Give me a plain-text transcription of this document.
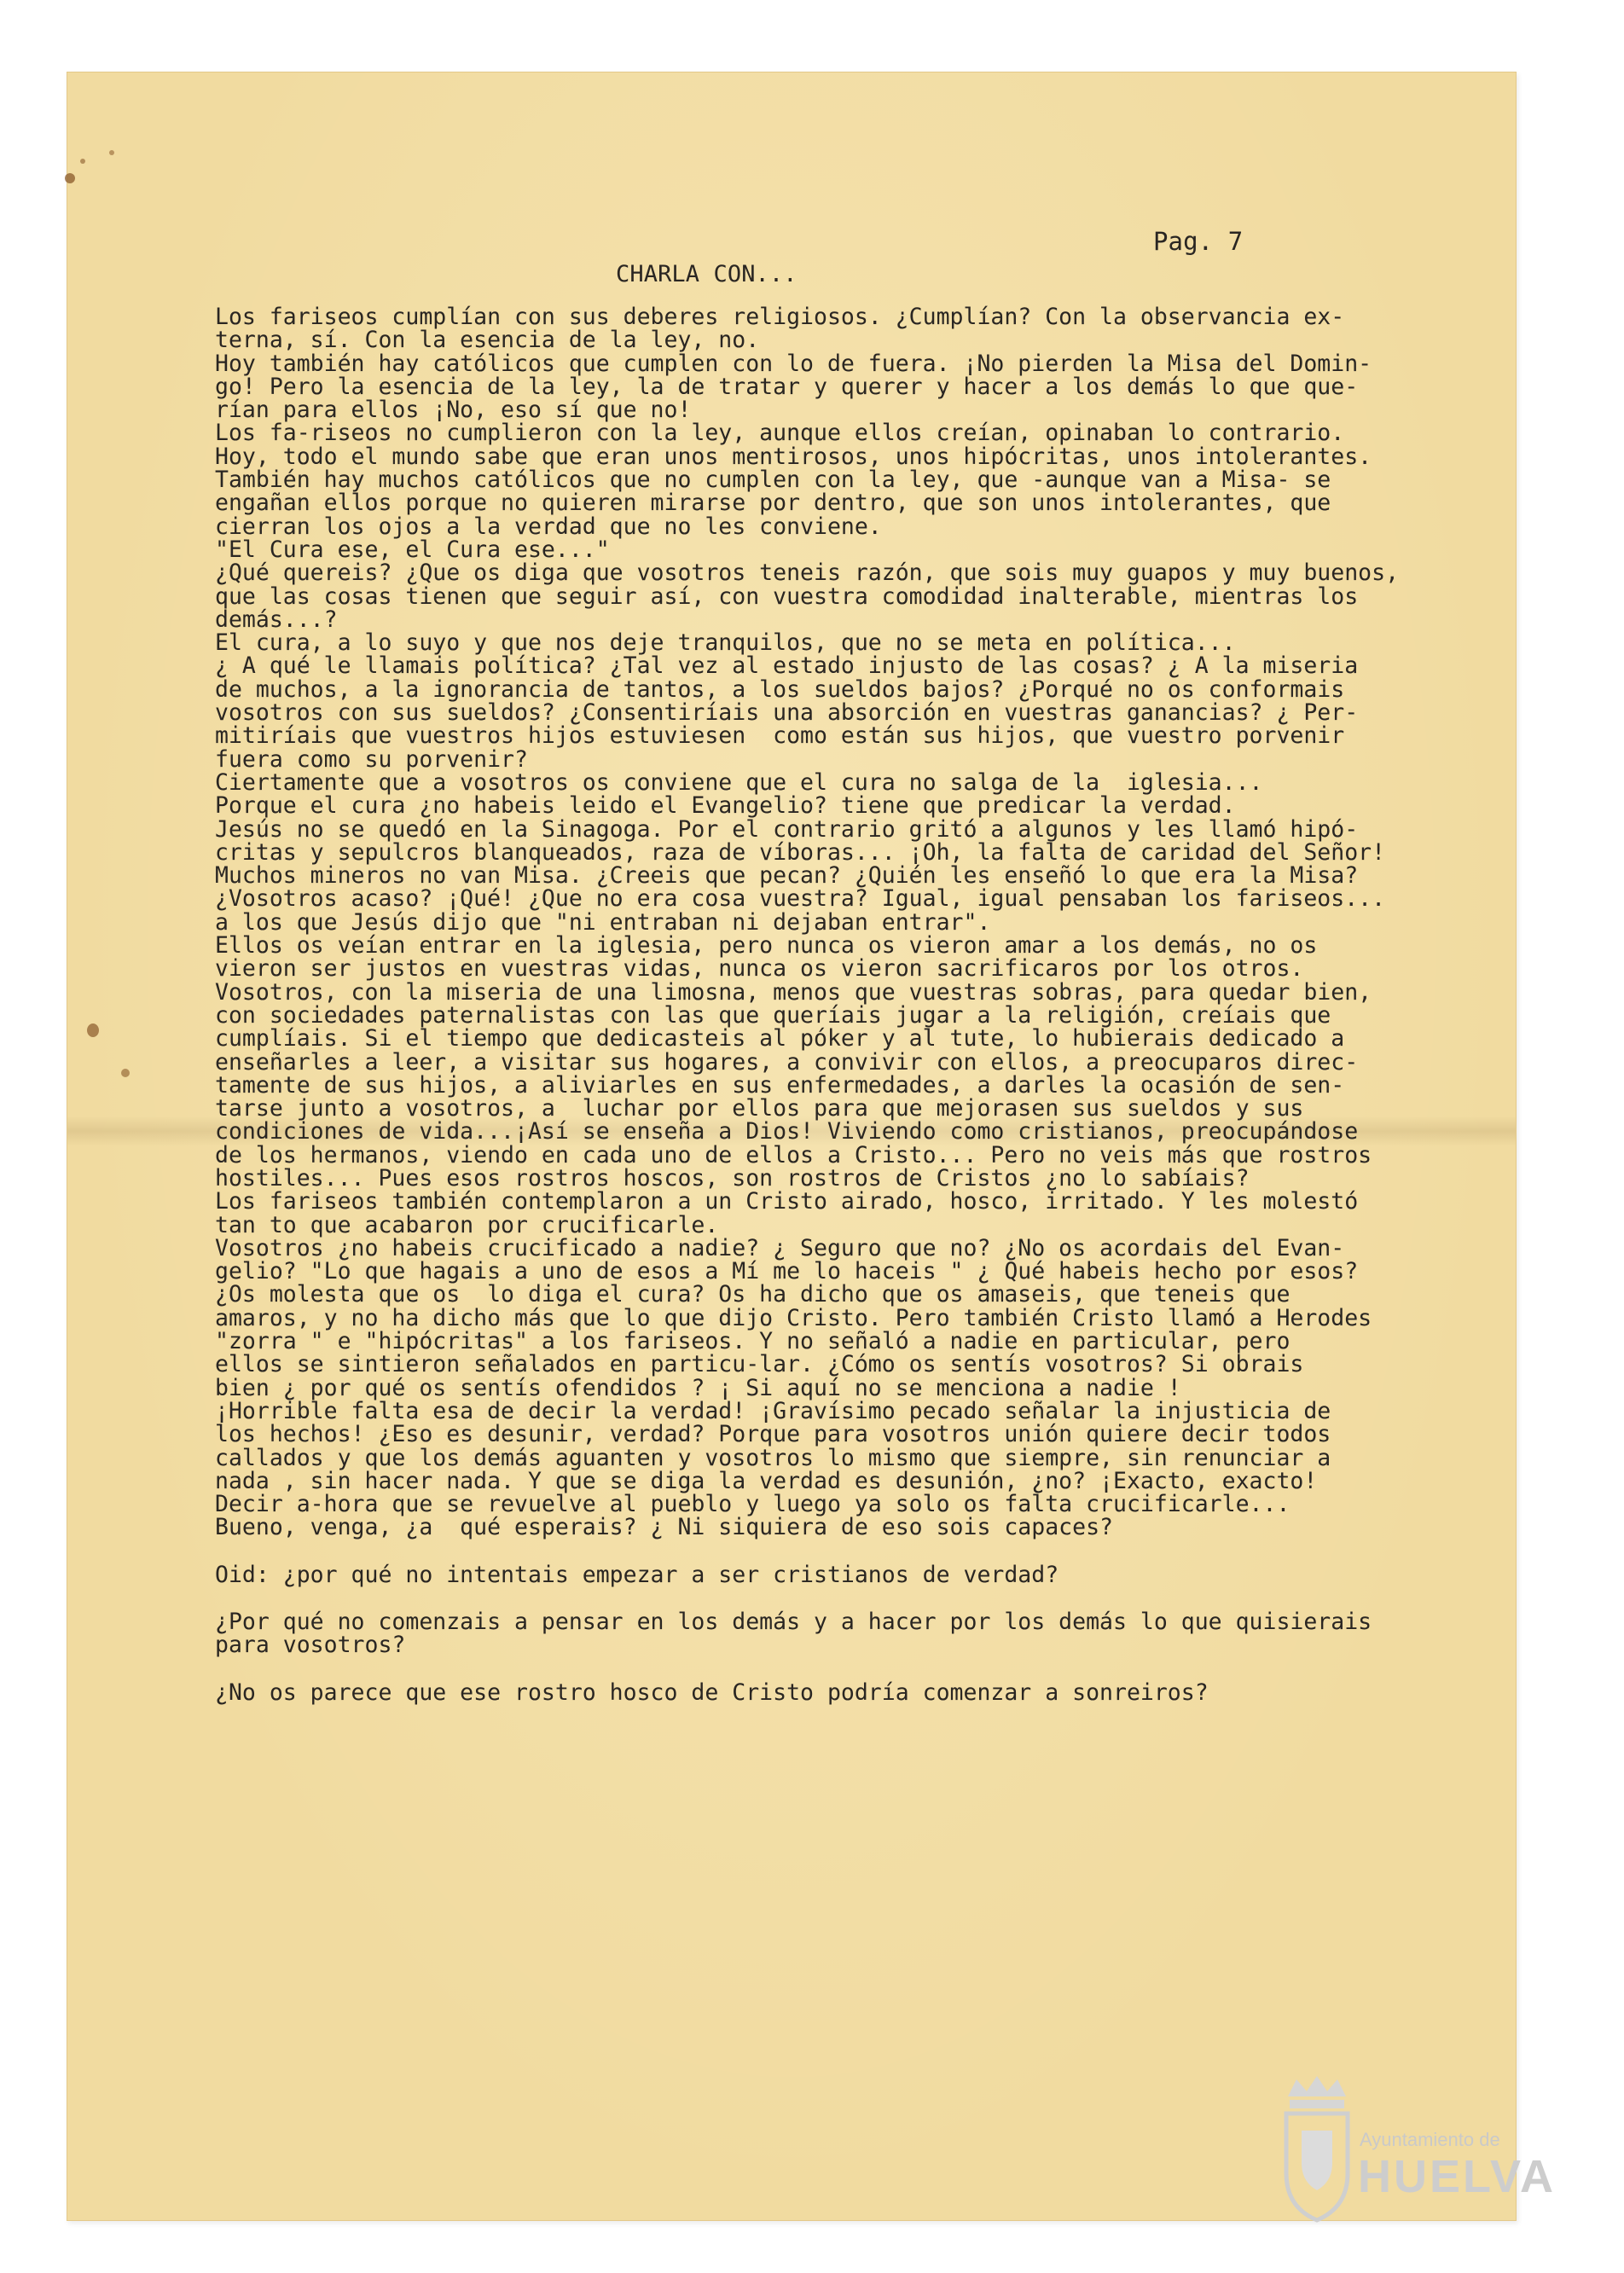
Pag. 7
CHARLA CON...
Los fariseos cumplían con sus deberes religiosos. ¿Cumplían? Con la observancia ex-
terna, sí. Con la esencia de la ley, no.
Hoy también hay católicos que cumplen con lo de fuera. ¡No pierden la Misa del Domin-
go! Pero la esencia de la ley, la de tratar y querer y hacer a los demás lo que que-
rían para ellos ¡No, eso sí que no!
Los fa-riseos no cumplieron con la ley, aunque ellos creían, opinaban lo contrario.
Hoy, todo el mundo sabe que eran unos mentirosos, unos hipócritas, unos intolerantes.
También hay muchos católicos que no cumplen con la ley, que -aunque van a Misa- se
engañan ellos porque no quieren mirarse por dentro, que son unos intolerantes, que
cierran los ojos a la verdad que no les conviene.
"El Cura ese, el Cura ese..."
¿Qué quereis? ¿Que os diga que vosotros teneis razón, que sois muy guapos y muy buenos,
que las cosas tienen que seguir así, con vuestra comodidad inalterable, mientras los
demás...?
El cura, a lo suyo y que nos deje tranquilos, que no se meta en política...
¿ A qué le llamais política? ¿Tal vez al estado injusto de las cosas? ¿ A la miseria
de muchos, a la ignorancia de tantos, a los sueldos bajos? ¿Porqué no os conformais
vosotros con sus sueldos? ¿Consentiríais una absorción en vuestras ganancias? ¿ Per-
mitiríais que vuestros hijos estuviesen  como están sus hijos, que vuestro porvenir
fuera como su porvenir?
Ciertamente que a vosotros os conviene que el cura no salga de la  iglesia...
Porque el cura ¿no habeis leido el Evangelio? tiene que predicar la verdad.
Jesús no se quedó en la Sinagoga. Por el contrario gritó a algunos y les llamó hipó-
critas y sepulcros blanqueados, raza de víboras... ¡Oh, la falta de caridad del Señor!
Muchos mineros no van Misa. ¿Creeis que pecan? ¿Quién les enseñó lo que era la Misa?
¿Vosotros acaso? ¡Qué! ¿Que no era cosa vuestra? Igual, igual pensaban los fariseos...
a los que Jesús dijo que "ni entraban ni dejaban entrar".
Ellos os veían entrar en la iglesia, pero nunca os vieron amar a los demás, no os
vieron ser justos en vuestras vidas, nunca os vieron sacrificaros por los otros.
Vosotros, con la miseria de una limosna, menos que vuestras sobras, para quedar bien,
con sociedades paternalistas con las que queríais jugar a la religión, creíais que
cumplíais. Si el tiempo que dedicasteis al póker y al tute, lo hubierais dedicado a
enseñarles a leer, a visitar sus hogares, a convivir con ellos, a preocuparos direc-
tamente de sus hijos, a aliviarles en sus enfermedades, a darles la ocasión de sen-
tarse junto a vosotros, a  luchar por ellos para que mejorasen sus sueldos y sus
condiciones de vida...¡Así se enseña a Dios! Viviendo como cristianos, preocupándose
de los hermanos, viendo en cada uno de ellos a Cristo... Pero no veis más que rostros
hostiles... Pues esos rostros hoscos, son rostros de Cristos ¿no lo sabíais?
Los fariseos también contemplaron a un Cristo airado, hosco, irritado. Y les molestó
tan to que acabaron por crucificarle.
Vosotros ¿no habeis crucificado a nadie? ¿ Seguro que no? ¿No os acordais del Evan-
gelio? "Lo que hagais a uno de esos a Mí me lo haceis " ¿ Qué habeis hecho por esos?
¿Os molesta que os  lo diga el cura? Os ha dicho que os amaseis, que teneis que
amaros, y no ha dicho más que lo que dijo Cristo. Pero también Cristo llamó a Herodes
"zorra " e "hipócritas" a los fariseos. Y no señaló a nadie en particular, pero
ellos se sintieron señalados en particu-lar. ¿Cómo os sentís vosotros? Si obrais
bien ¿ por qué os sentís ofendidos ? ¡ Si aquí no se menciona a nadie !
¡Horrible falta esa de decir la verdad! ¡Gravísimo pecado señalar la injusticia de
los hechos! ¿Eso es desunir, verdad? Porque para vosotros unión quiere decir todos
callados y que los demás aguanten y vosotros lo mismo que siempre, sin renunciar a
nada , sin hacer nada. Y que se diga la verdad es desunión, ¿no? ¡Exacto, exacto!
Decir a-hora que se revuelve al pueblo y luego ya solo os falta crucificarle...
Bueno, venga, ¿a  qué esperais? ¿ Ni siquiera de eso sois capaces?
Oid: ¿por qué no intentais empezar a ser cristianos de verdad?
¿Por qué no comenzais a pensar en los demás y a hacer por los demás lo que quisierais
para vosotros?
¿No os parece que ese rostro hosco de Cristo podría comenzar a sonreiros?
Ayuntamiento de
HUELVA
